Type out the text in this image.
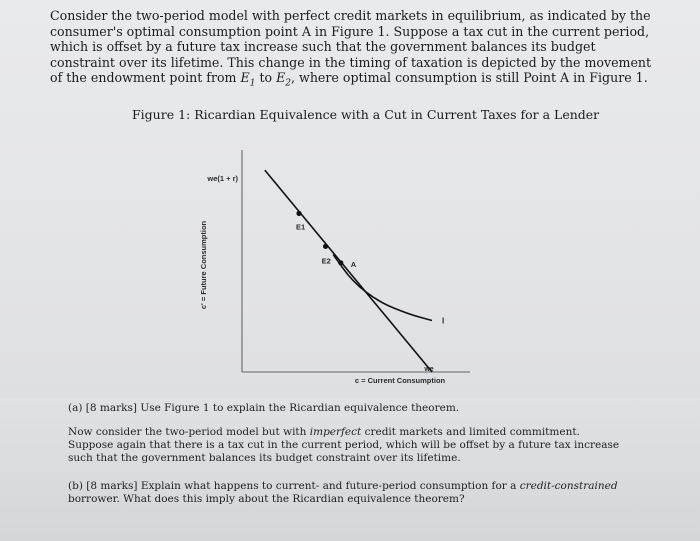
Consider the two-period model with perfect credit markets in equilibrium, as indicated by the consumer's optimal consumption point A in Figure 1. Suppose a tax cut in the current period, which is offset by a future tax increase such that the government balances its budget constraint over its lifetime. This change in the timing of taxation is depicted by the movement of the endowment point from $E_1$ to $E_2$, where optimal consumption is still Point A in Figure 1.

Figure 1: Ricardian Equivalence with a Cut in Current Taxes for a Lender
c' = Future Consumption
c = Current Consumption
we(1 + r)
we
I
E1
E2	A

(a) [8 marks] Use Figure 1 to explain the Ricardian equivalence theorem.

Now consider the two-period model but with imperfect credit markets and limited commitment. Suppose again that there is a tax cut in the current period, which will be offset by a future tax increase such that the government balances its budget constraint over its lifetime.

(b) [8 marks] Explain what happens to current- and future-period consumption for a credit-constrained borrower. What does this imply about the Ricardian equivalence theorem?
